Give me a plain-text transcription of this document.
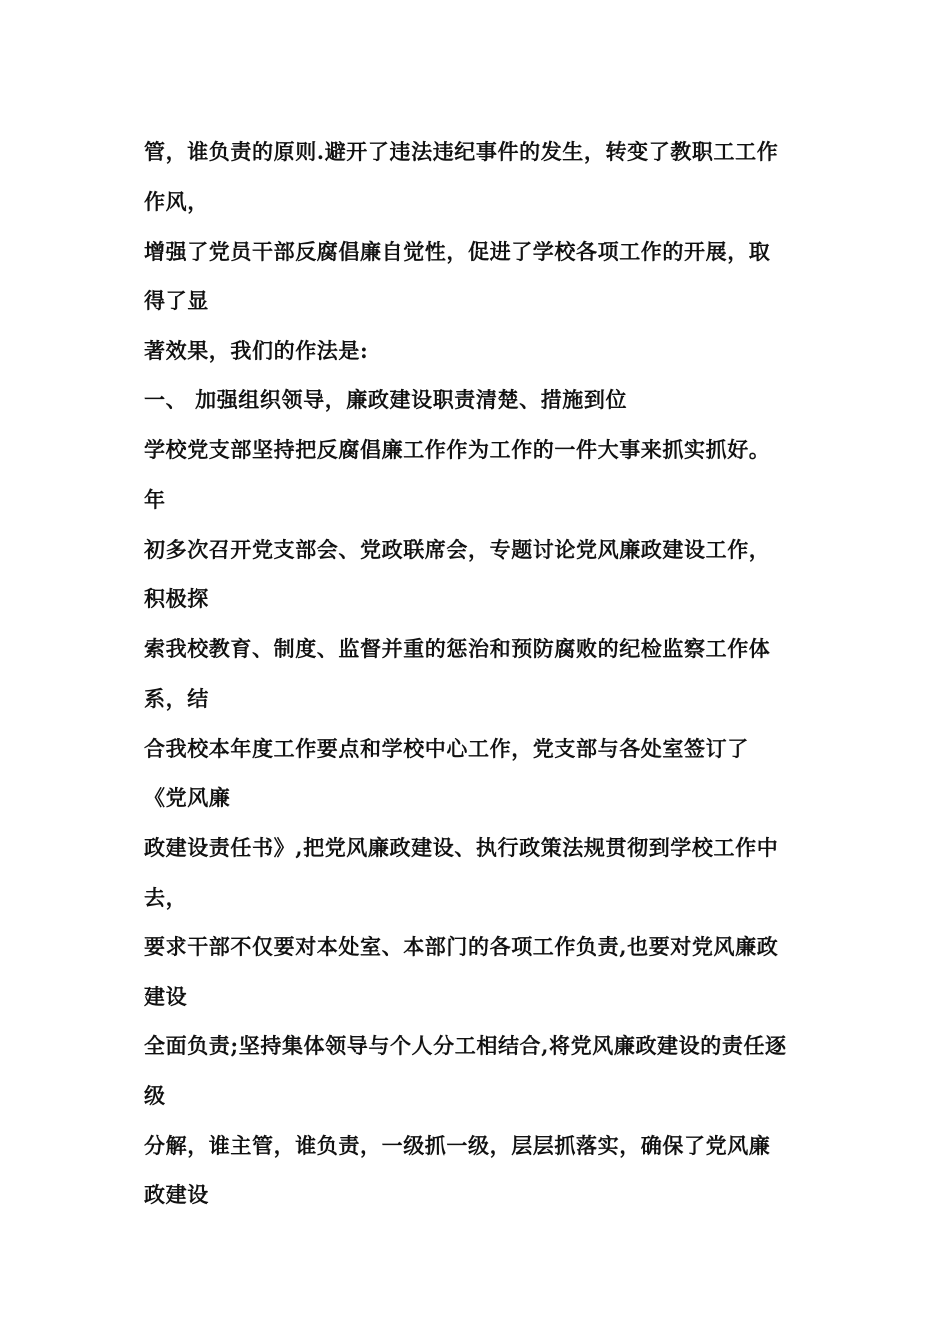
管，谁负责的原则.避开了违法违纪事件的发生，转变了教职工工作
作风，
增强了党员干部反腐倡廉自觉性，促进了学校各项工作的开展，取
得了显
著效果，我们的作法是:
一、 加强组织领导，廉政建设职责清楚、措施到位
学校党支部坚持把反腐倡廉工作作为工作的一件大事来抓实抓好。
年
初多次召开党支部会、党政联席会，专题讨论党风廉政建设工作，
积极探
索我校教育、制度、监督并重的惩治和预防腐败的纪检监察工作体
系，结
合我校本年度工作要点和学校中心工作，党支部与各处室签订了
《党风廉
政建设责任书》,把党风廉政建设、执行政策法规贯彻到学校工作中
去，
要求干部不仅要对本处室、本部门的各项工作负责,也要对党风廉政
建设
全面负责;坚持集体领导与个人分工相结合,将党风廉政建设的责任逐
级
分解，谁主管，谁负责，一级抓一级，层层抓落实，确保了党风廉
政建设
